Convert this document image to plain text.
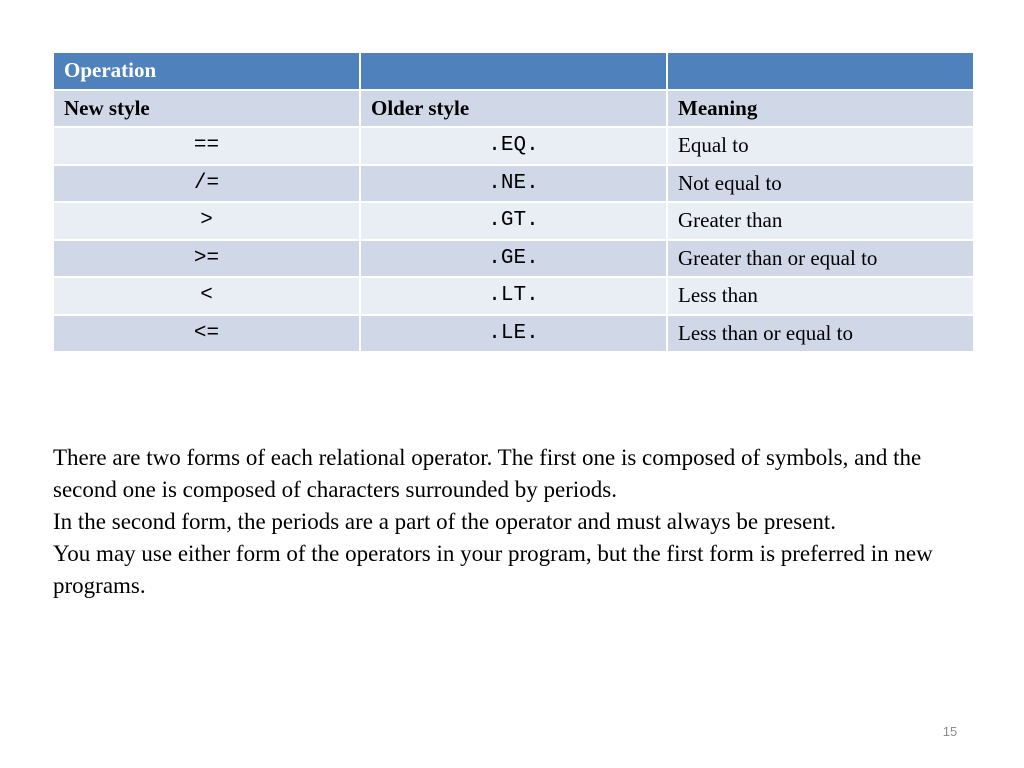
Operation		
New style	Older style	Meaning
==	.EQ.	Equal to
/=	.NE.	Not equal to
>	.GT.	Greater than
>=	.GE.	Greater than or equal to
<	.LT.	Less than
<=	.LE.	Less than or equal to

There are two forms of each relational operator. The first one is composed of symbols, and the second one is composed of characters surrounded by periods.

In the second form, the periods are a part of the operator and must always be present.

You may use either form of the operators in your program, but the first form is preferred in new programs.

15
